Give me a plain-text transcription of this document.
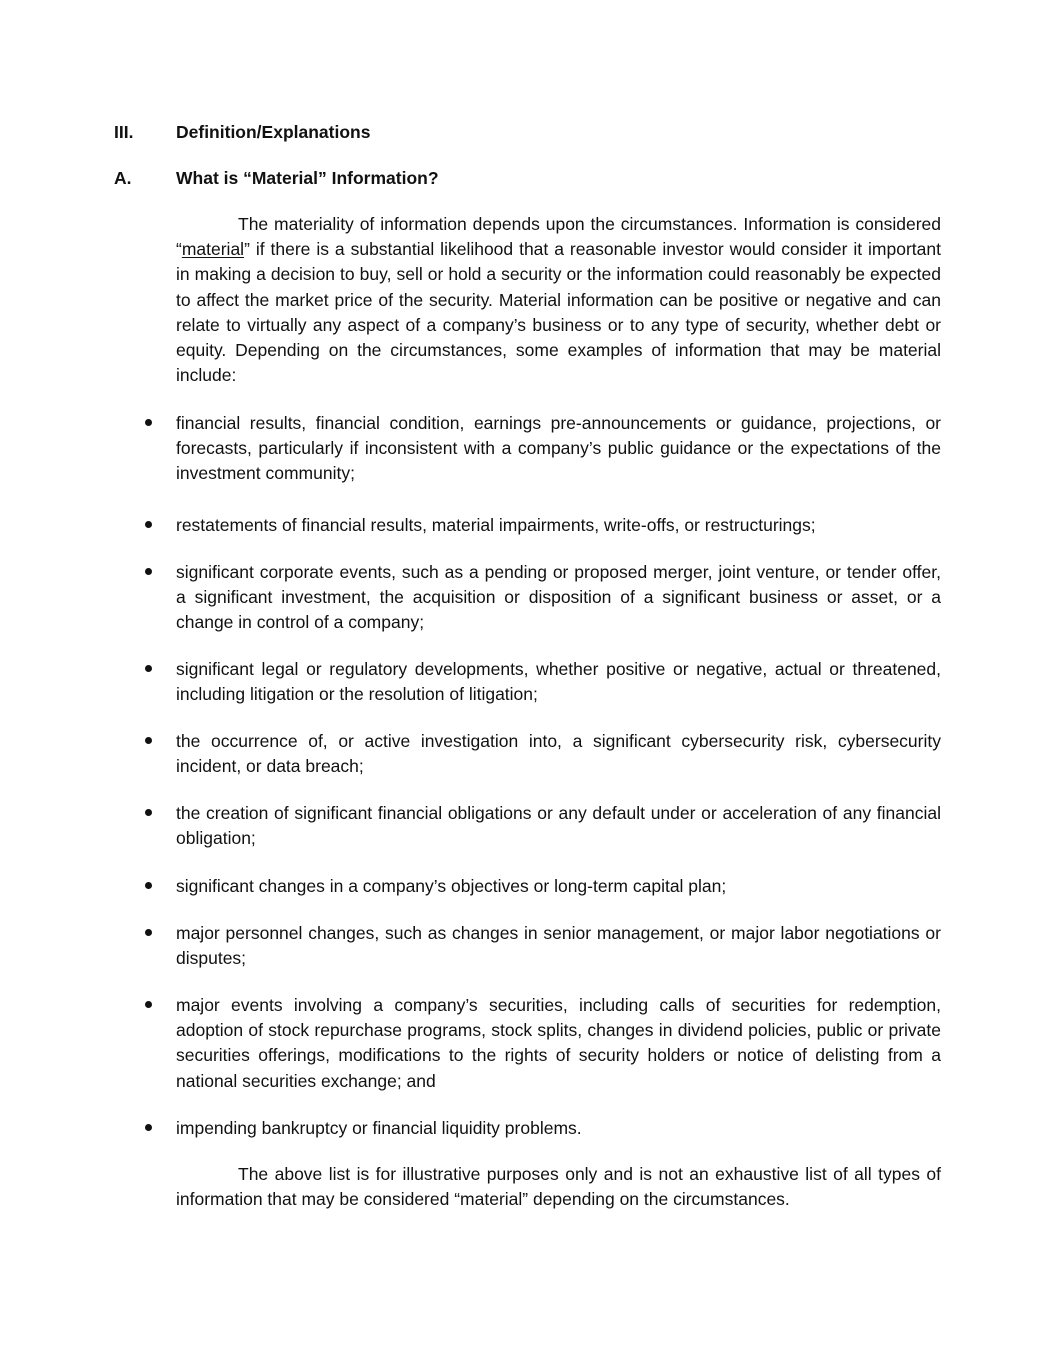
III. Definition/Explanations
A.	What is “Material” Information?

The materiality of information depends upon the circumstances. Information is considered “material” if there is a substantial likelihood that a reasonable investor would consider it important in making a decision to buy, sell or hold a security or the information could reasonably be expected to affect the market price of the security. Material information can be positive or negative and can relate to virtually any aspect of a company’s business or to any type of security, whether debt or equity. Depending on the circumstances, some examples of information that may be material include:

financial results, financial condition, earnings pre-announcements or guidance, projections, or forecasts, particularly if inconsistent with a company’s public guidance or the expectations of the investment community;
restatements of financial results, material impairments, write-offs, or restructurings;
significant corporate events, such as a pending or proposed merger, joint venture, or tender offer, a significant investment, the acquisition or disposition of a significant business or asset, or a change in control of a company;
significant legal or regulatory developments, whether positive or negative, actual or threatened, including litigation or the resolution of litigation;
the occurrence of, or active investigation into, a significant cybersecurity risk, cybersecurity incident, or data breach;
the creation of significant financial obligations or any default under or acceleration of any financial obligation;
significant changes in a company’s objectives or long-term capital plan;
major personnel changes, such as changes in senior management, or major labor negotiations or disputes;
major events involving a company’s securities, including calls of securities for redemption, adoption of stock repurchase programs, stock splits, changes in dividend policies, public or private securities offerings, modifications to the rights of security holders or notice of delisting from a national securities exchange; and
impending bankruptcy or financial liquidity problems.

The above list is for illustrative purposes only and is not an exhaustive list of all types of information that may be considered “material” depending on the circumstances.
